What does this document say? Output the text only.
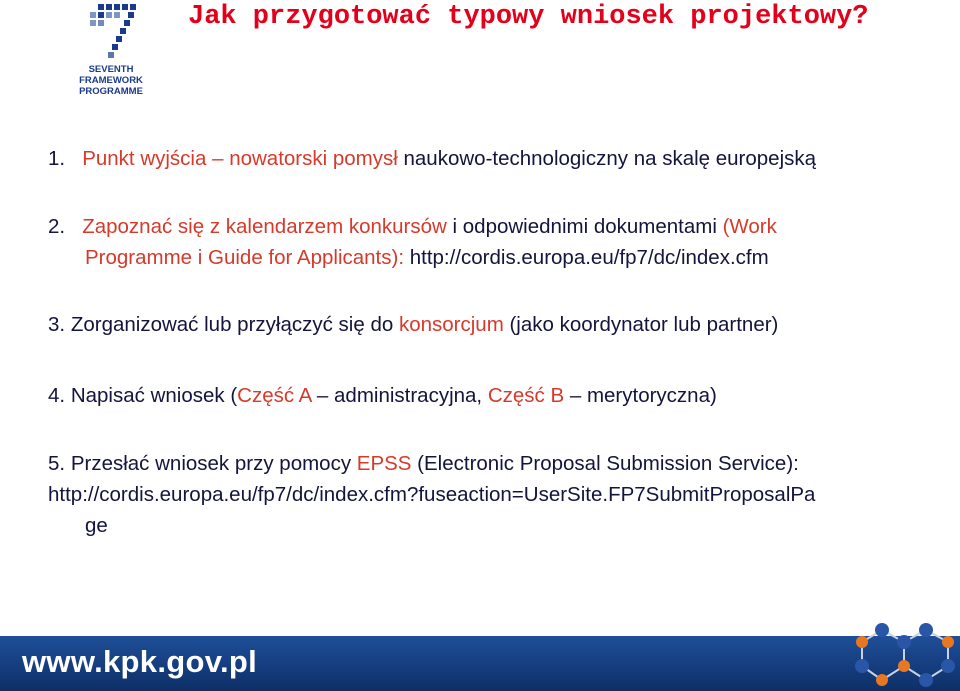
SEVENTH FRAMEWORK
PROGRAMME
Jak przygotować typowy wniosek projektowy?
1. Punkt wyjścia – nowatorski pomysł naukowo-technologiczny na skalę europejską
2. Zapoznać się z kalendarzem konkursów i odpowiednimi dokumentami (Work
Programme i Guide for Applicants): http://cordis.europa.eu/fp7/dc/index.cfm
3. Zorganizować lub przyłączyć się do konsorcjum (jako koordynator lub partner)
4. Napisać wniosek (Część A – administracyjna, Część B – merytoryczna)
5. Przesłać wniosek przy pomocy EPSS (Electronic Proposal Submission Service):
http://cordis.europa.eu/fp7/dc/index.cfm?fuseaction=UserSite.FP7SubmitProposalPa
ge
www.kpk.gov.pl
